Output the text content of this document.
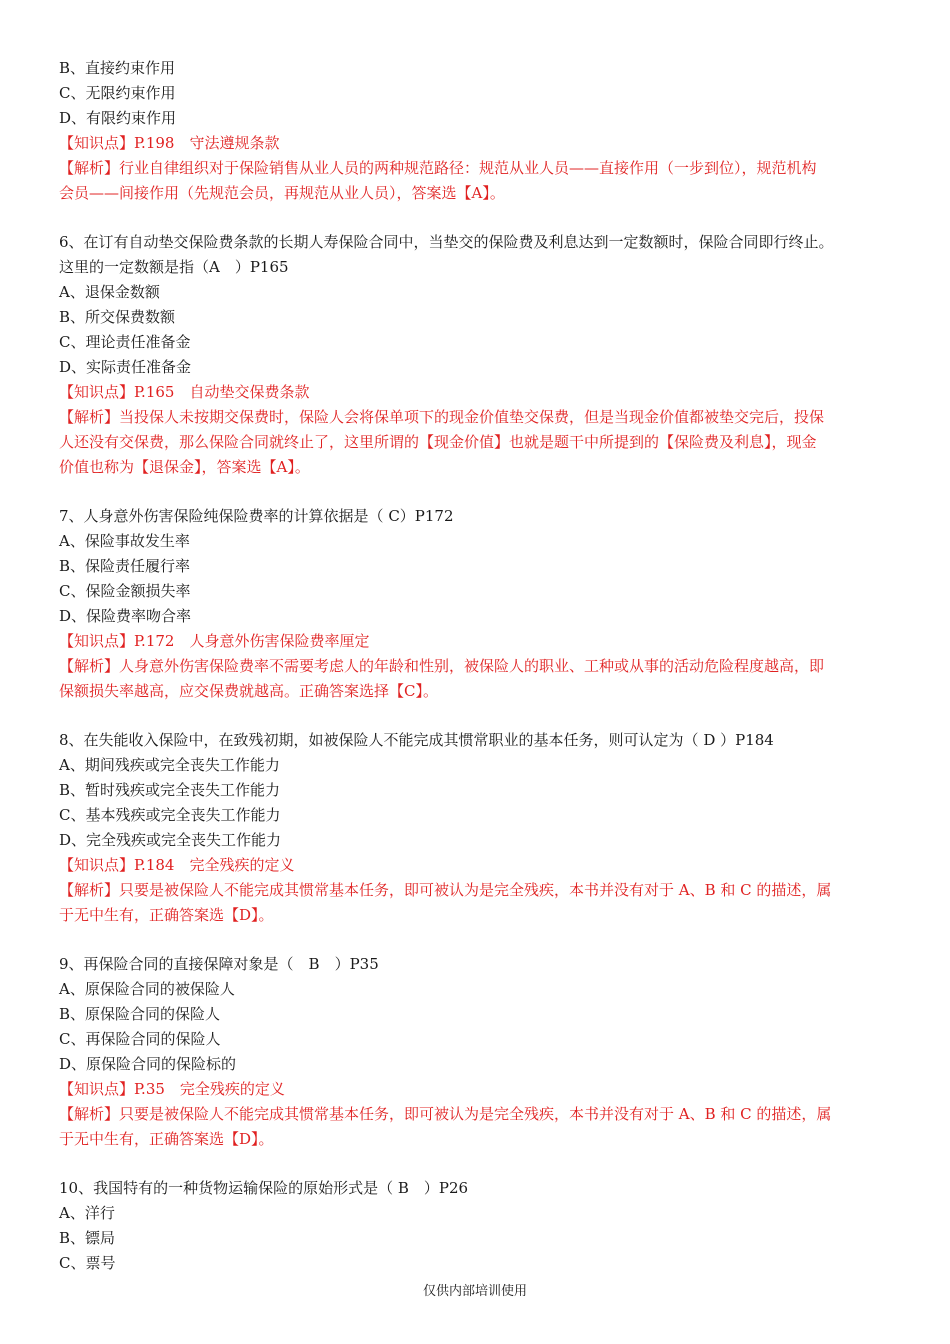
B、直接约束作用
C、无限约束作用
D、有限约束作用
【知识点】P.198　守法遵规条款
【解析】行业自律组织对于保险销售从业人员的两种规范路径：规范从业人员——直接作用（一步到位），规范机构
会员——间接作用（先规范会员，再规范从业人员），答案选【A】。
6、在订有自动垫交保险费条款的长期人寿保险合同中，当垫交的保险费及利息达到一定数额时，保险合同即行终止。
这里的一定数额是指（A　）P165
A、退保金数额
B、所交保费数额
C、理论责任准备金
D、实际责任准备金
【知识点】P.165　自动垫交保费条款
【解析】当投保人未按期交保费时，保险人会将保单项下的现金价值垫交保费，但是当现金价值都被垫交完后，投保
人还没有交保费，那么保险合同就终止了，这里所谓的【现金价值】也就是题干中所提到的【保险费及利息】，现金
价值也称为【退保金】，答案选【A】。
7、人身意外伤害保险纯保险费率的计算依据是（ C）P172
A、保险事故发生率
B、保险责任履行率
C、保险金额损失率
D、保险费率吻合率
【知识点】P.172　人身意外伤害保险费率厘定
【解析】人身意外伤害保险费率不需要考虑人的年龄和性别，被保险人的职业、工种或从事的活动危险程度越高，即
保额损失率越高，应交保费就越高。正确答案选择【C】。
8、在失能收入保险中，在致残初期，如被保险人不能完成其惯常职业的基本任务，则可认定为（ D ）P184
A、期间残疾或完全丧失工作能力
B、暂时残疾或完全丧失工作能力
C、基本残疾或完全丧失工作能力
D、完全残疾或完全丧失工作能力
【知识点】P.184　完全残疾的定义
【解析】只要是被保险人不能完成其惯常基本任务，即可被认为是完全残疾，本书并没有对于 A、B 和 C 的描述，属
于无中生有，正确答案选【D】。
9、再保险合同的直接保障对象是（　B　）P35
A、原保险合同的被保险人
B、原保险合同的保险人
C、再保险合同的保险人
D、原保险合同的保险标的
【知识点】P.35　完全残疾的定义
【解析】只要是被保险人不能完成其惯常基本任务，即可被认为是完全残疾，本书并没有对于 A、B 和 C 的描述，属
于无中生有，正确答案选【D】。
10、我国特有的一种货物运输保险的原始形式是（ B　）P26
A、洋行
B、镖局
C、票号
仅供内部培训使用
